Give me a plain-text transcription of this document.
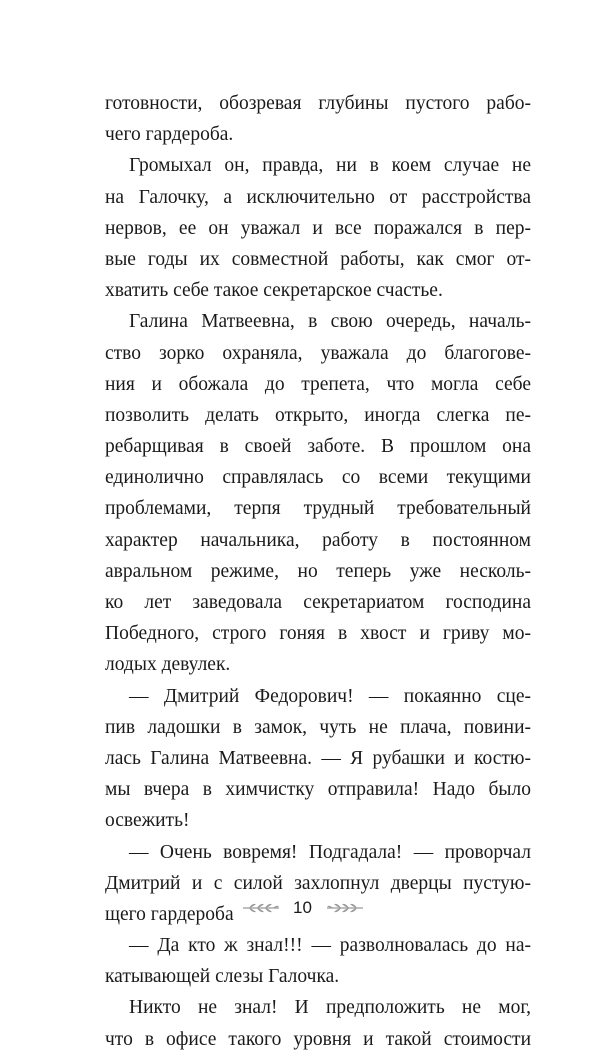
готовности, обозревая глубины пустого рабо-
чего гардероба.
Громыхал он, правда, ни в коем случае не
на Галочку, а исключительно от расстройства
нервов, ее он уважал и все поражался в пер-
вые годы их совместной работы, как смог от-
хватить себе такое секретарское счастье.
Галина Матвеевна, в свою очередь, началь-
ство зорко охраняла, уважала до благогове-
ния и обожала до трепета, что могла себе
позволить делать открыто, иногда слегка пе-
ребарщивая в своей заботе. В прошлом она
единолично справлялась со всеми текущими
проблемами, терпя трудный требовательный
характер начальника, работу в постоянном
авральном режиме, но теперь уже несколь-
ко лет заведовала секретариатом господина
Победного, строго гоняя в хвост и гриву мо-
лодых девулек.
— Дмитрий Федорович! — покаянно сце-
пив ладошки в замок, чуть не плача, повини-
лась Галина Матвеевна. — Я рубашки и костю-
мы вчера в химчистку отправила! Надо было
освежить!
— Очень вовремя! Подгадала! — проворчал
Дмитрий и с силой захлопнул дверцы пустую-
щего гардероба
— Да кто ж знал!!! — разволновалась до на-
катывающей слезы Галочка.
Никто не знал! И предположить не мог,
что в офисе такого уровня и такой стоимости
10
